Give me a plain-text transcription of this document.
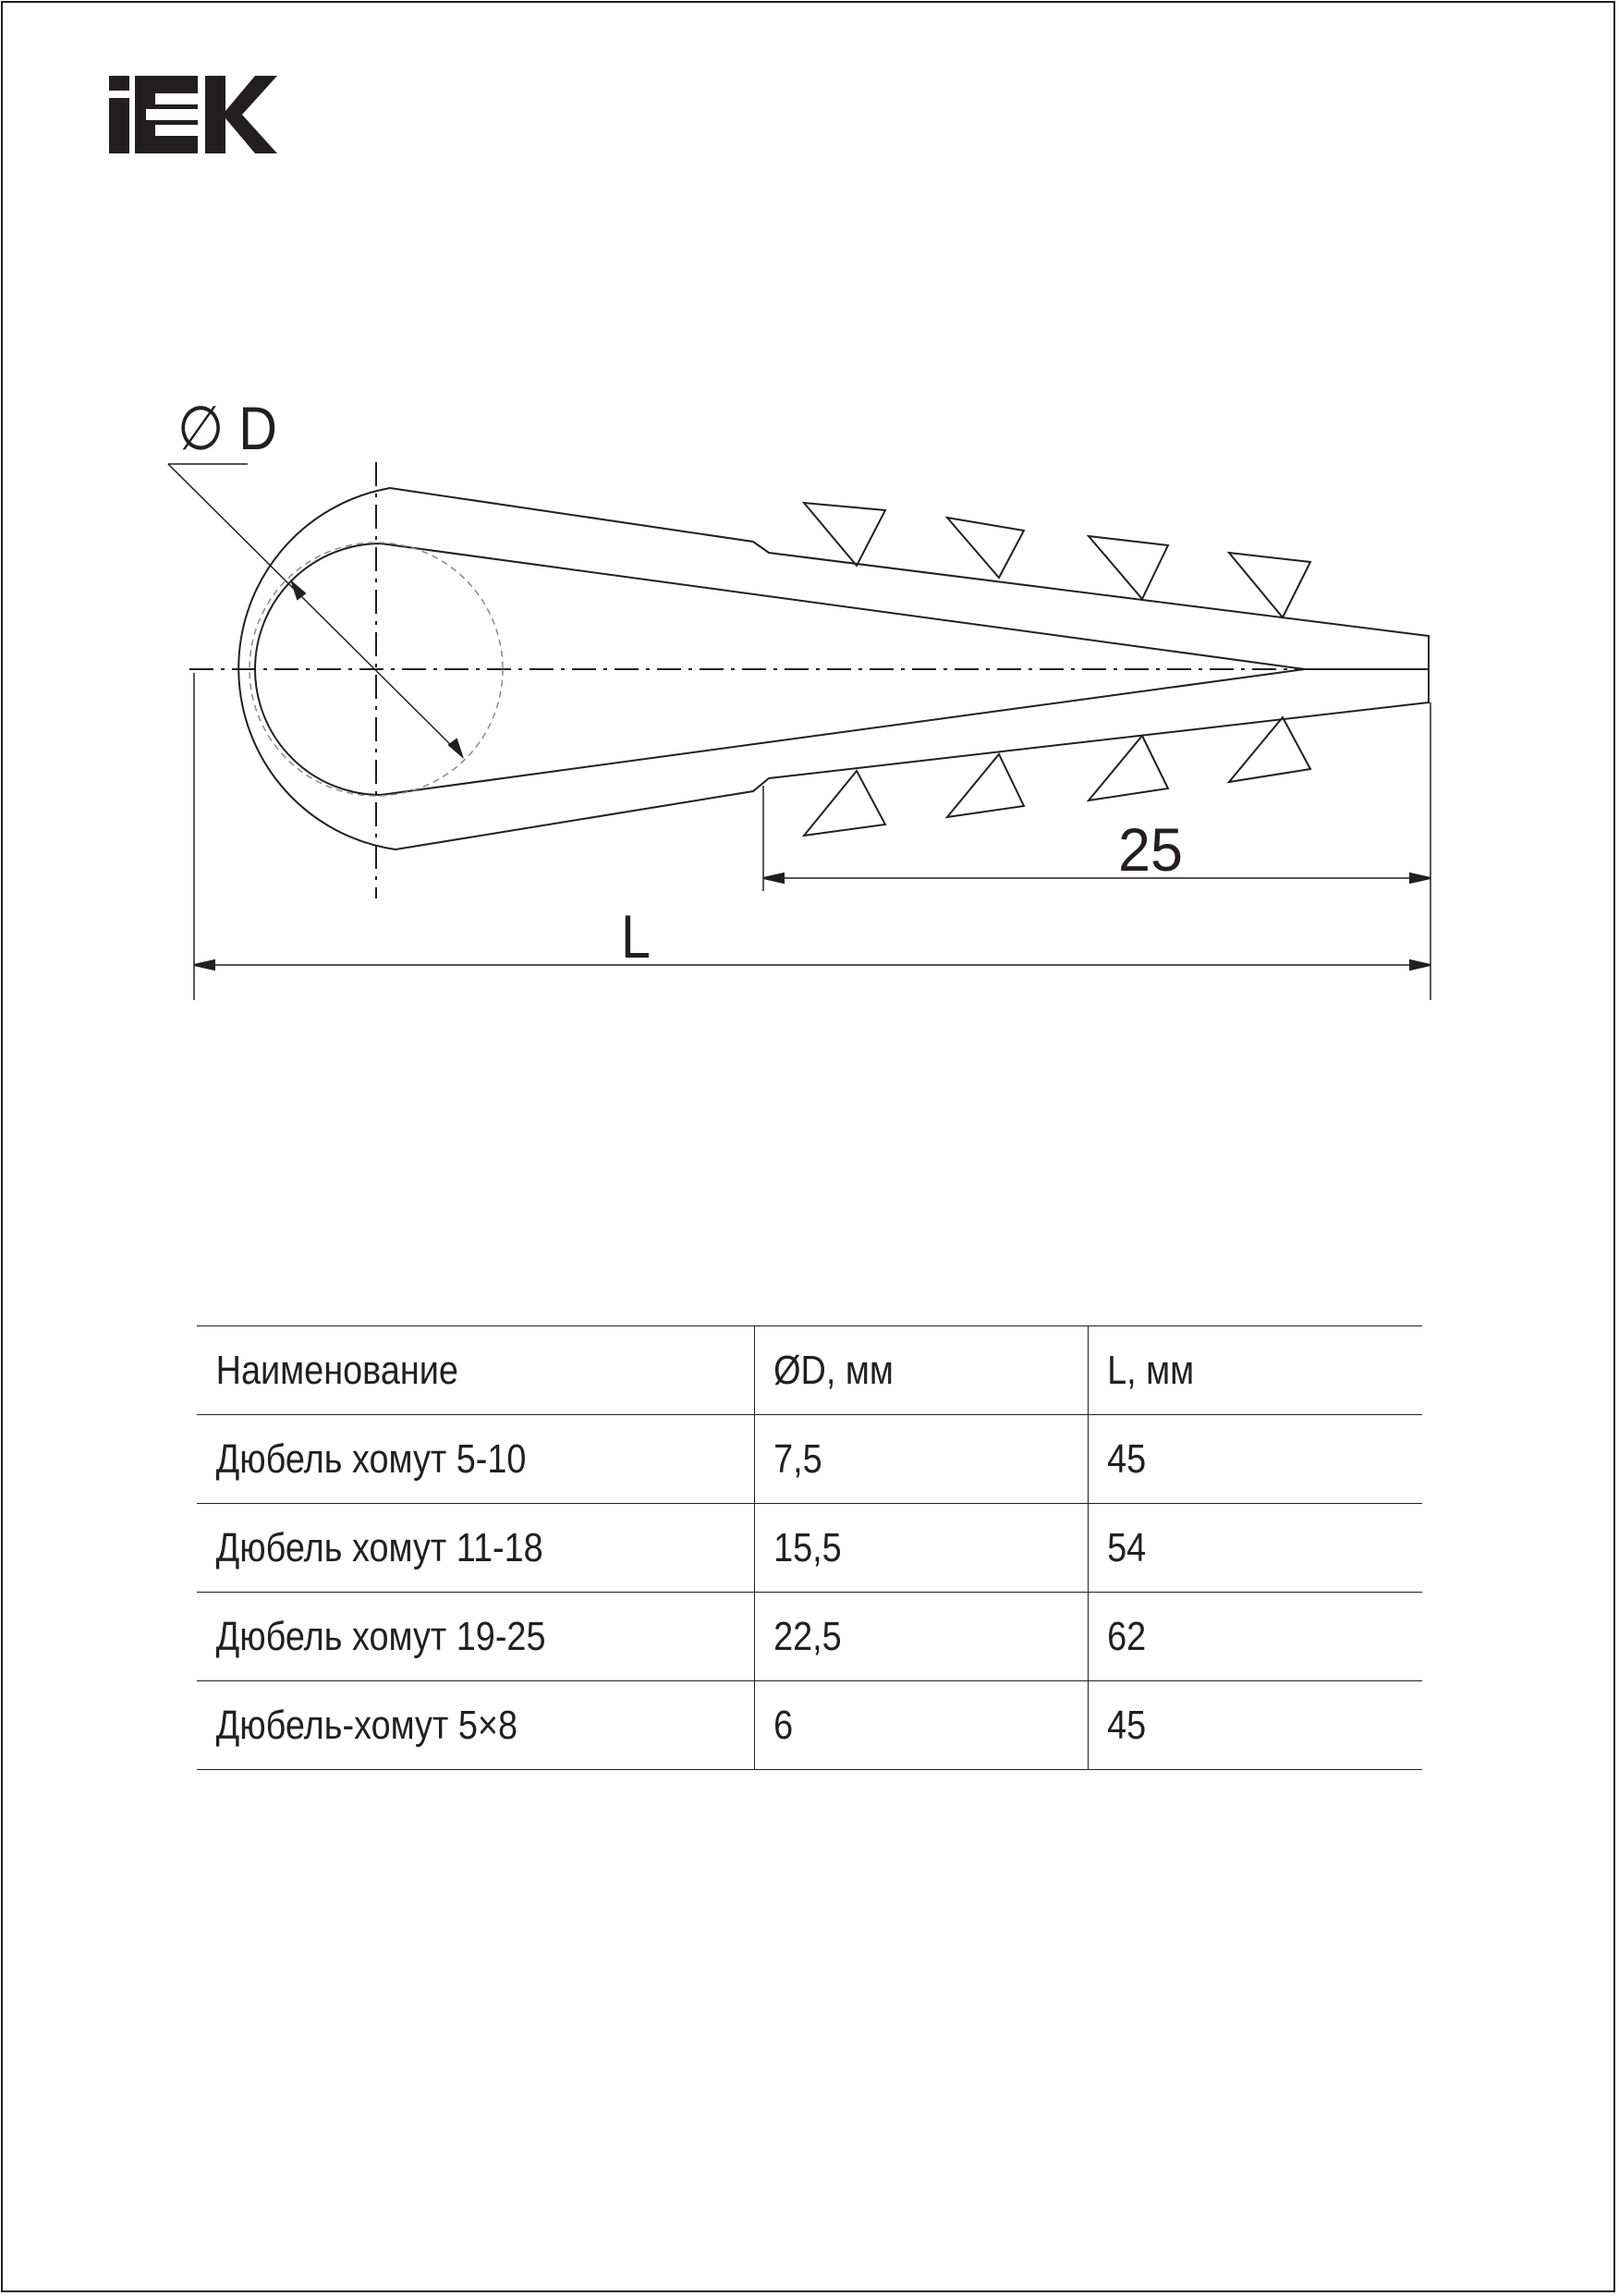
∅ D
25
L
Наименование	ØD, мм	L, мм
Дюбель хомут 5-10	7,5	45
Дюбель хомут 11-18	15,5	54
Дюбель хомут 19-25	22,5	62
Дюбель-хомут 5×8	6	45
